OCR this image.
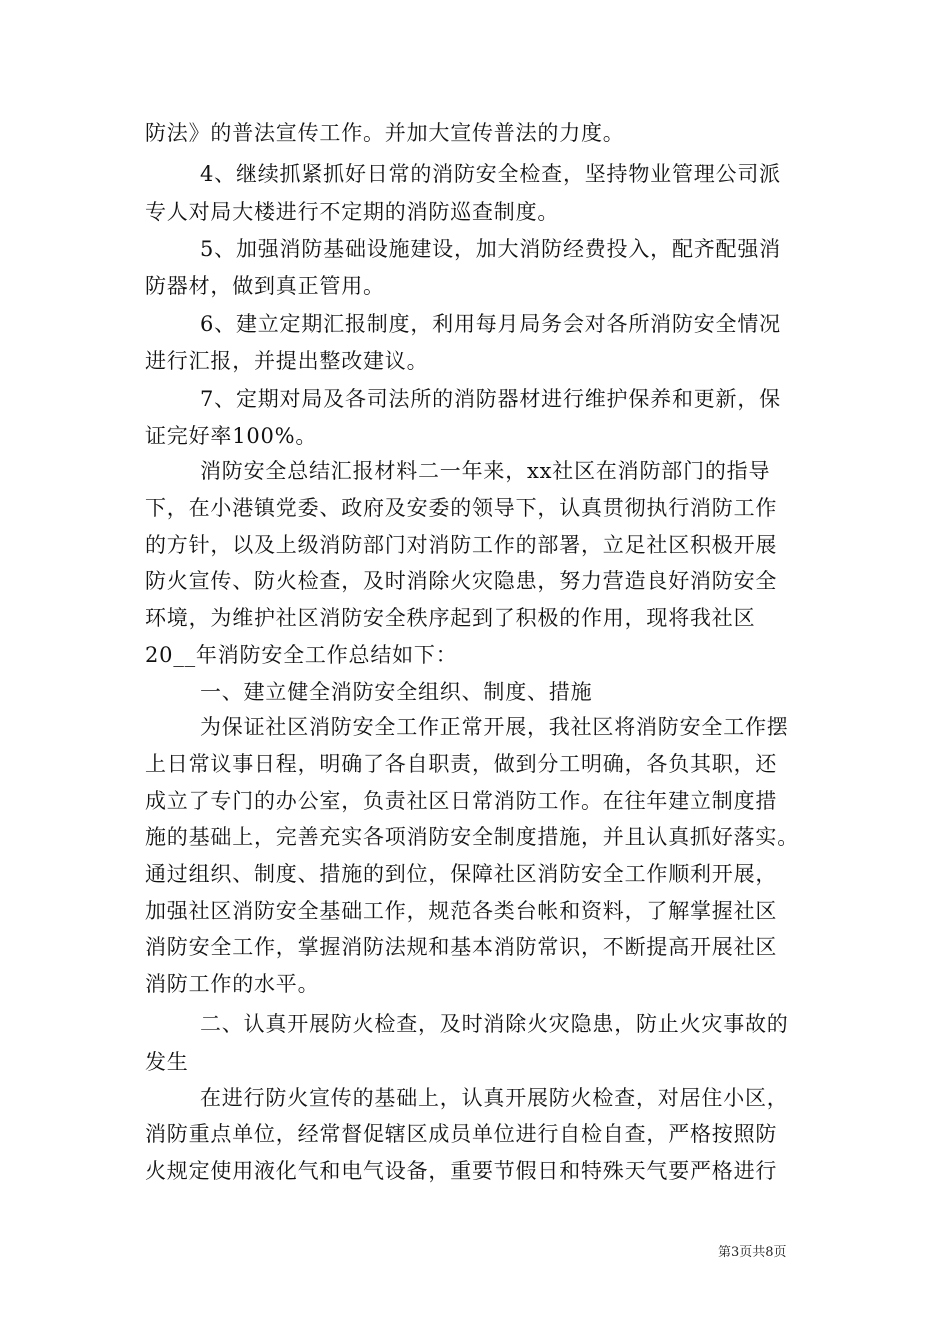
防法》的普法宣传工作。并加大宣传普法的力度。
4、继续抓紧抓好日常的消防安全检查，坚持物业管理公司派
专人对局大楼进行不定期的消防巡查制度。
5、加强消防基础设施建设，加大消防经费投入，配齐配强消
防器材，做到真正管用。
6、建立定期汇报制度，利用每月局务会对各所消防安全情况
进行汇报，并提出整改建议。
7、定期对局及各司法所的消防器材进行维护保养和更新，保
证完好率100%。
消防安全总结汇报材料二一年来，xx社区在消防部门的指导
下，在小港镇党委、政府及安委的领导下，认真贯彻执行消防工作
的方针，以及上级消防部门对消防工作的部署，立足社区积极开展
防火宣传、防火检查，及时消除火灾隐患，努力营造良好消防安全
环境，为维护社区消防安全秩序起到了积极的作用，现将我社区
20__年消防安全工作总结如下：
一、建立健全消防安全组织、制度、措施
为保证社区消防安全工作正常开展，我社区将消防安全工作摆
上日常议事日程，明确了各自职责，做到分工明确，各负其职，还
成立了专门的办公室，负责社区日常消防工作。在往年建立制度措
施的基础上，完善充实各项消防安全制度措施，并且认真抓好落实。
通过组织、制度、措施的到位，保障社区消防安全工作顺利开展，
加强社区消防安全基础工作，规范各类台帐和资料，了解掌握社区
消防安全工作，掌握消防法规和基本消防常识，不断提高开展社区
消防工作的水平。
二、认真开展防火检查，及时消除火灾隐患，防止火灾事故的
发生
在进行防火宣传的基础上，认真开展防火检查，对居住小区，
消防重点单位，经常督促辖区成员单位进行自检自查，严格按照防
火规定使用液化气和电气设备，重要节假日和特殊天气要严格进行
第3页共8页
